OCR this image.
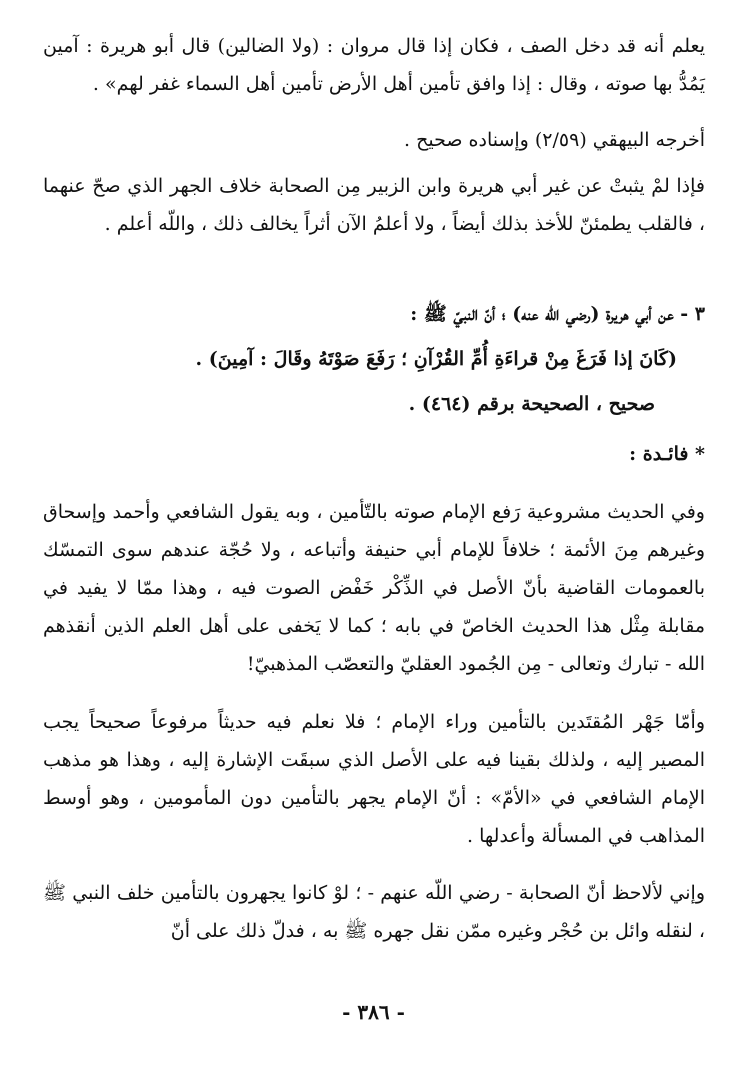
يعلم أنه قد دخل الصف ، فكان إذا قال مروان : (ولا الضالين) قال أبو هريرة : آمين يَمُدُّ بها صوته ، وقال : إذا وافق تأمين أهل الأرض تأمين أهل السماء غفر لهم» .

أخرجه البيهقي (٢/٥٩) وإسناده صحيح .

فإذا لمْ يثبتْ عن غير أبي هريرة وابن الزبير مِن الصحابة خلاف الجهر الذي صحّ عنهما ، فالقلب يطمئنّ للأخذ بذلك أيضاً ، ولا أعلمُ الآن أثراً يخالف ذلك ، واللّه أعلم .

٣ - عن أبي هريرة (رضي الله عنه) ؛ أنّ النبيّ ﷺ :

(كَانَ إذا فَرَغَ مِنْ قراءَةِ أُمِّ القُرْآنِ ؛ رَفَعَ صَوْتَهُ وقَالَ : آمِينَ) .

صحيح ، الصحيحة برقم (٤٦٤) .

* فائـدة :

وفي الحديث مشروعية رَفع الإمام صوته بالتّأمين ، وبه يقول الشافعي وأحمد وإسحاق وغيرهم مِنَ الأئمة ؛ خلافاً للإمام أبي حنيفة وأتباعه ، ولا حُجّة عندهم سوى التمسّك بالعمومات القاضية بأنّ الأصل في الذِّكْر خَفْض الصوت فيه ، وهذا ممّا لا يفيد في مقابلة مِثْل هذا الحديث الخاصّ في بابه ؛ كما لا يَخفى على أهل العلم الذين أنقذهم الله - تبارك وتعالى - مِن الجُمود العقليّ والتعصّب المذهبيّ!

وأمّا جَهْر المُقتَدين بالتأمين وراء الإمام ؛ فلا نعلم فيه حديثاً مرفوعاً صحيحاً يجب المصير إليه ، ولذلك بقينا فيه على الأصل الذي سبقَت الإشارة إليه ، وهذا هو مذهب الإمام الشافعي في «الأمّ» : أنّ الإمام يجهر بالتأمين دون المأمومين ، وهو أوسط المذاهب في المسألة وأعدلها .

وإني لألاحظ أنّ الصحابة - رضي اللّه عنهم - ؛ لوْ كانوا يجهرون بالتأمين خلف النبي ﷺ ، لنقله وائل بن حُجْر وغيره ممّن نقل جهره ﷺ به ، فدلّ ذلك على أنّ

- ٣٨٦ -
